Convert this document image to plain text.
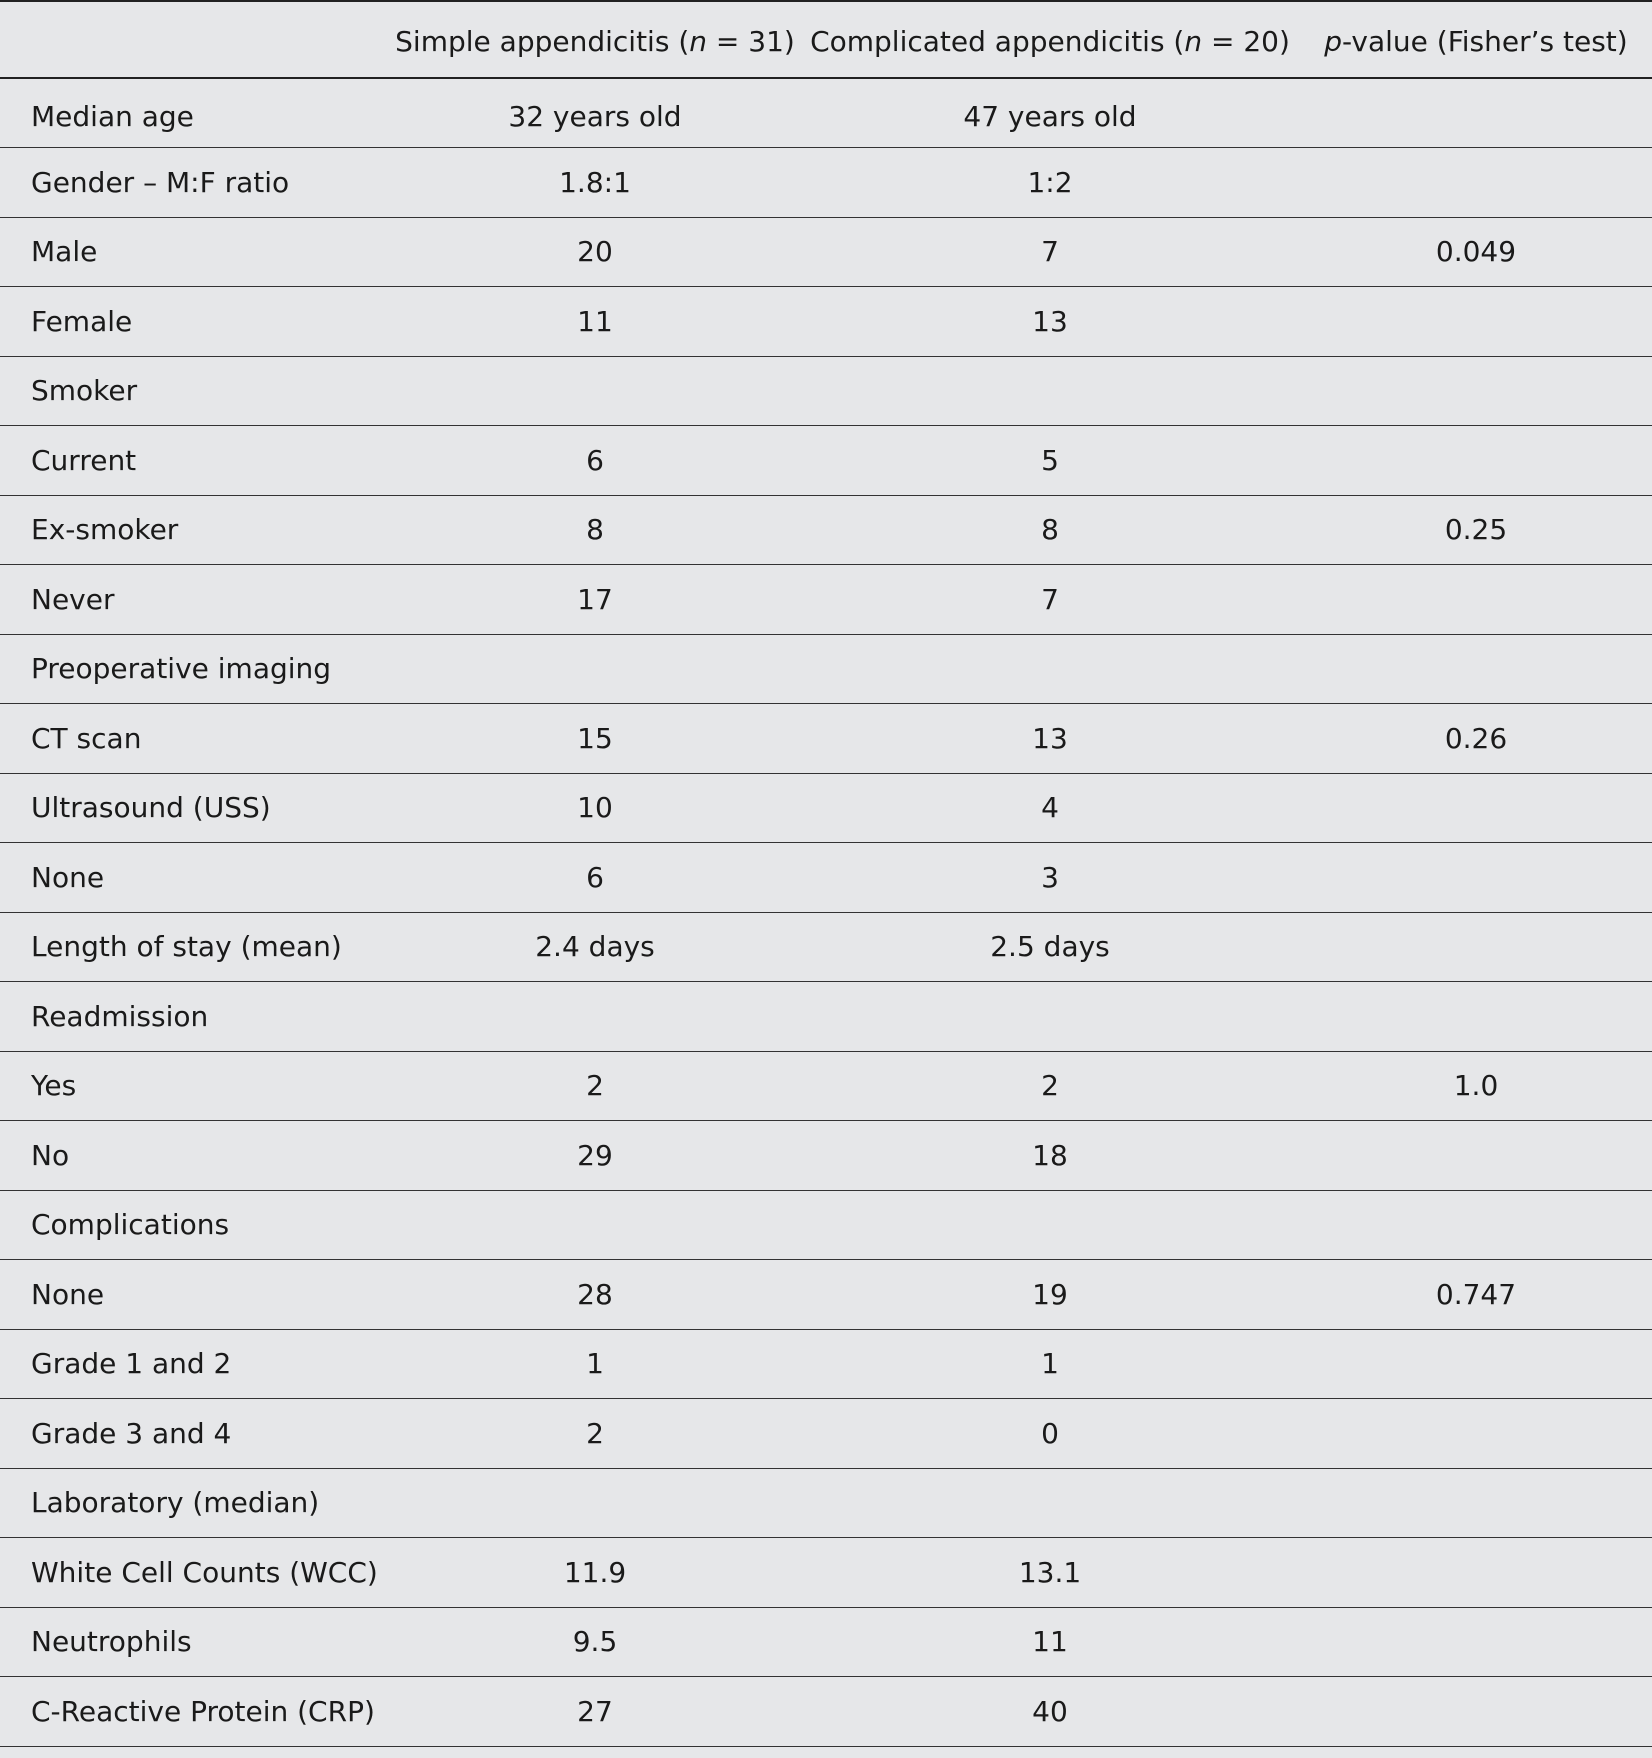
	Simple appendicitis (n = 31)	Complicated appendicitis (n = 20)	p-value (Fisher’s test)
Median age	32 years old	47 years old	
Gender – M:F ratio	1.8:1	1:2	
Male	20	7	0.049
Female	11	13	
Smoker			
Current	6	5	
Ex-smoker	8	8	0.25
Never	17	7	
Preoperative imaging			
CT scan	15	13	0.26
Ultrasound (USS)	10	4	
None	6	3	
Length of stay (mean)	2.4 days	2.5 days	
Readmission			
Yes	2	2	1.0
No	29	18	
Complications			
None	28	19	0.747
Grade 1 and 2	1	1	
Grade 3 and 4	2	0	
Laboratory (median)			
White Cell Counts (WCC)	11.9	13.1	
Neutrophils	9.5	11	
C-Reactive Protein (CRP)	27	40	
